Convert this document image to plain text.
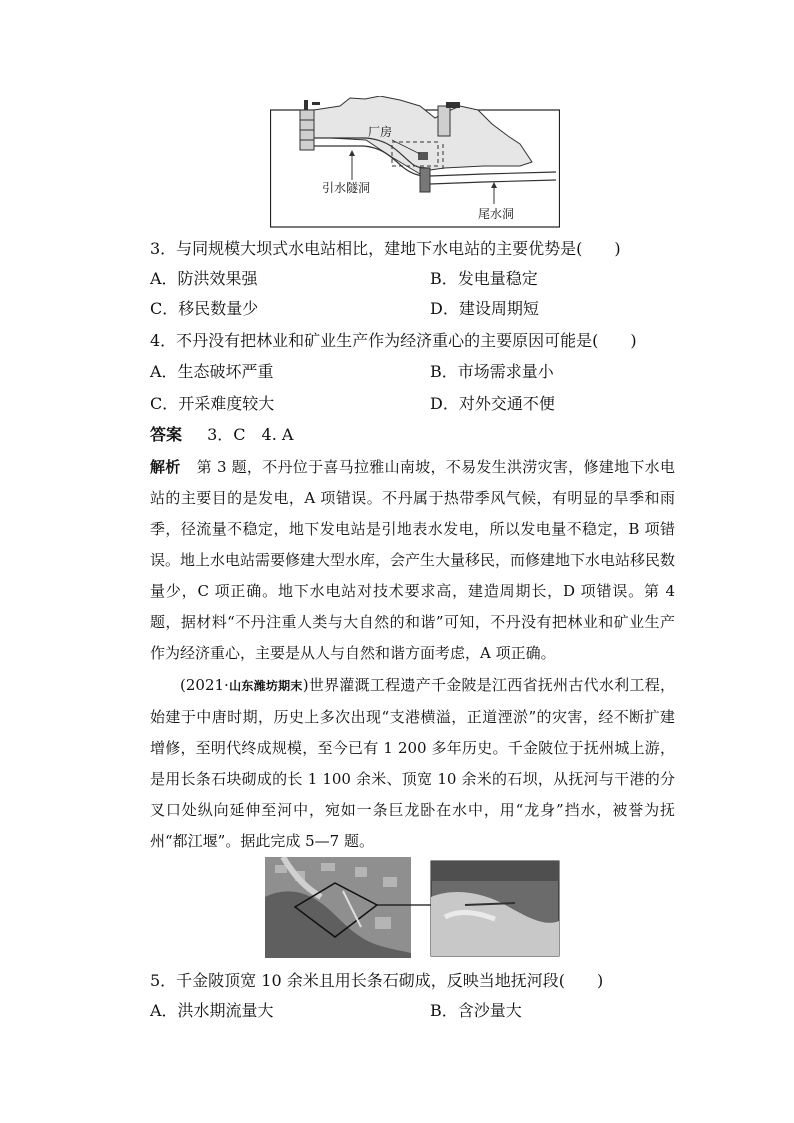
厂房
引水隧洞
尾水洞
3．与同规模大坝式水电站相比，建地下水电站的主要优势是(　　)
A．防洪效果强	B．发电量稳定
C．移民数量少	D．建设周期短
4．不丹没有把林业和矿业生产作为经济重心的主要原因可能是(　　)
A．生态破坏严重	B．市场需求量小
C．开采难度较大	D．对外交通不便
答案 3．C　4. A
解析 第 3 题，不丹位于喜马拉雅山南坡，不易发生洪涝灾害，修建地下水电站的主要目的是发电，A 项错误。不丹属于热带季风气候，有明显的旱季和雨季，径流量不稳定，地下发电站是引地表水发电，所以发电量不稳定，B 项错误。地上水电站需要修建大型水库，会产生大量移民，而修建地下水电站移民数量少，C 项正确。地下水电站对技术要求高，建造周期长，D 项错误。第 4 题，据材料“不丹注重人类与大自然的和谐”可知，不丹没有把林业和矿业生产作为经济重心，主要是从人与自然和谐方面考虑，A 项正确。
(2021·山东潍坊期末)世界灌溉工程遗产千金陂是江西省抚州古代水利工程，始建于中唐时期，历史上多次出现“支港横溢，正道湮淤”的灾害，经不断扩建增修，至明代终成规模，至今已有 1 200 多年历史。千金陂位于抚州城上游，是用长条石块砌成的长 1 100 余米、顶宽 10 余米的石坝，从抚河与干港的分叉口处纵向延伸至河中，宛如一条巨龙卧在水中，用“龙身”挡水，被誉为抚州“都江堰”。据此完成 5—7 题。
5．千金陂顶宽 10 余米且用长条石砌成，反映当地抚河段(　　)
A．洪水期流量大	B．含沙量大
